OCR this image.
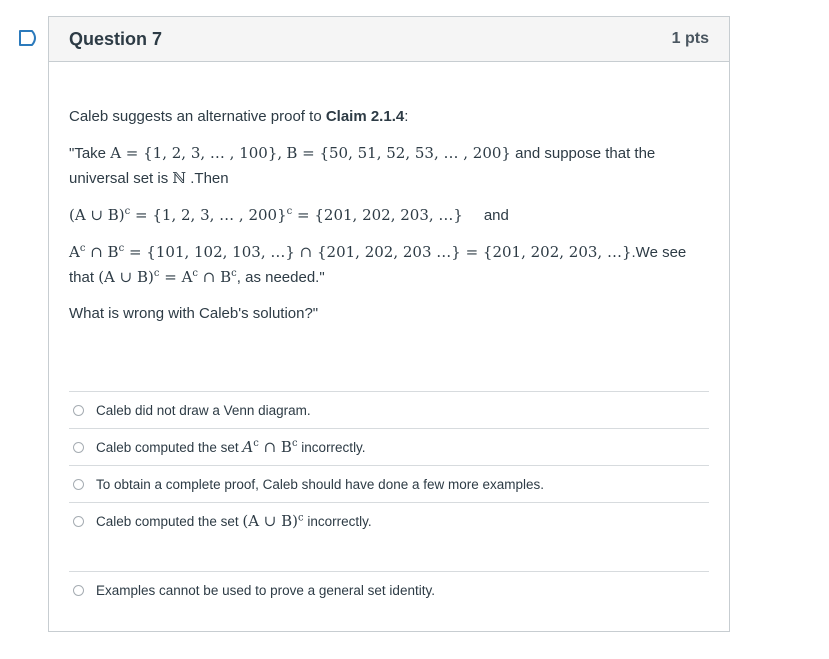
Question 7	1 pts

Caleb suggests an alternative proof to Claim 2.1.4:

"Take A = {1, 2, 3, … , 100}, B = {50, 51, 52, 53, … , 200} and suppose that the
universal set is ℕ .Then

(A ∪ B)$^c$ = {1, 2, 3, … , 200}$^c$ = {201, 202, 203, …} and

$A^c$ ∩ $B^c = \{101$, 102, 103, …} ∩ {201, 202, 203 …} = {201, 202, 203, …}.We see
that (A ∪ $B)^c = A^c$ ∩ $B^c$, as needed."

What is wrong with Caleb's solution?"

Caleb did not draw a Venn diagram.
Caleb computed the set $A^c$ ∩ $B^c$ incorrectly.
To obtain a complete proof, Caleb should have done a few more examples.
Caleb computed the set (A ∪ B)$^c$ incorrectly.
Examples cannot be used to prove a general set identity.
